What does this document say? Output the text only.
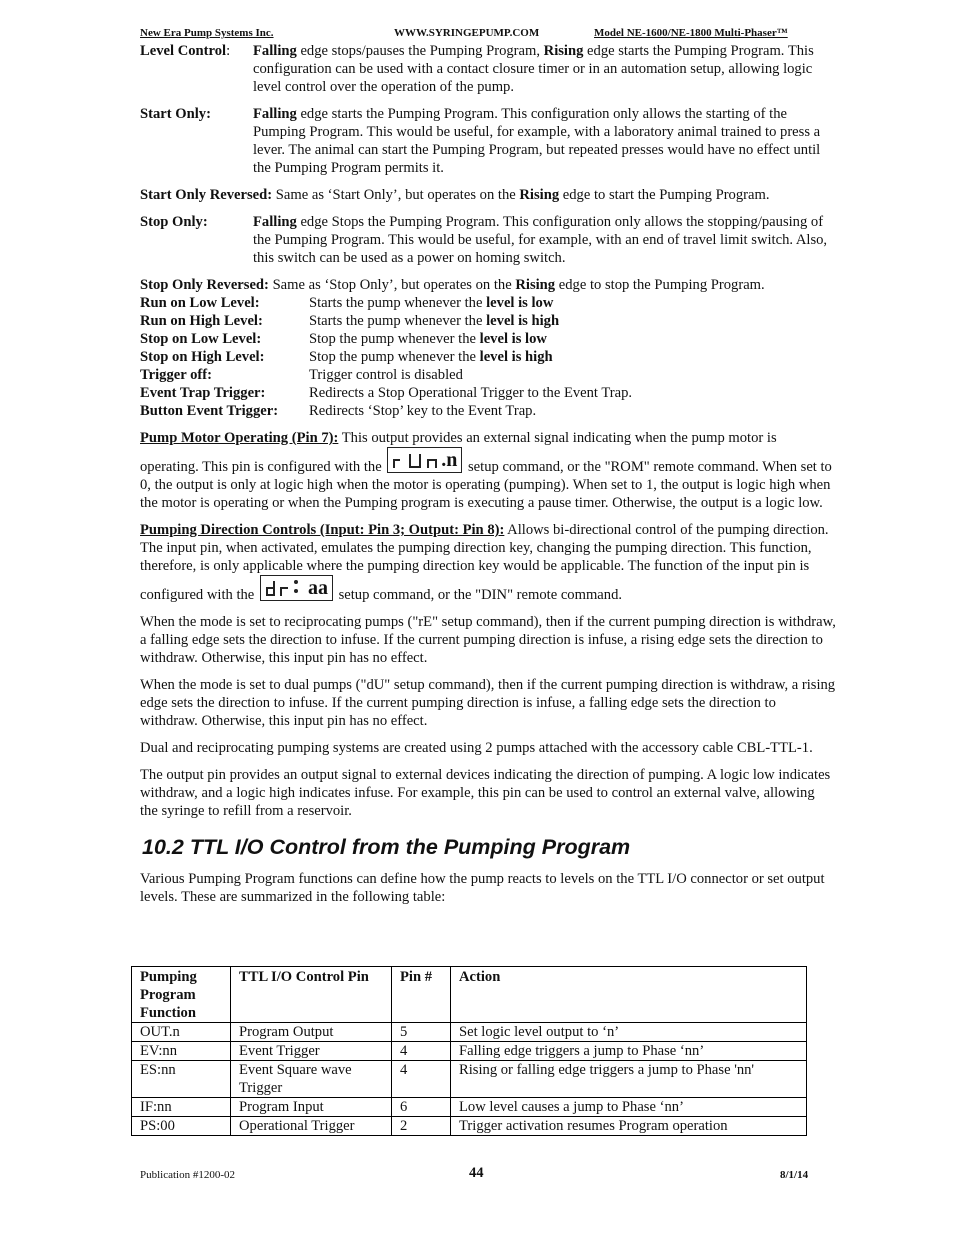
New Era Pump Systems Inc.	WWW.SYRINGEPUMP.COM	Model NE-1600/NE-1800 Multi-Phaser™
Level Control:	Falling edge stops/pauses the Pumping Program, Rising edge starts the Pumping Program. This configuration can be used with a contact closure timer or in an automation setup, allowing logic level control over the operation of the pump.
Start Only:	Falling edge starts the Pumping Program. This configuration only allows the starting of the Pumping Program. This would be useful, for example, with a laboratory animal trained to press a lever. The animal can start the Pumping Program, but repeated presses would have no effect until the Pumping Program permits it.
Start Only Reversed: Same as ‘Start Only’, but operates on the Rising edge to start the Pumping Program.
Stop Only:	Falling edge Stops the Pumping Program. This configuration only allows the stopping/pausing of the Pumping Program. This would be useful, for example, with an end of travel limit switch. Also, this switch can be used as a power on homing switch.
Stop Only Reversed: Same as ‘Stop Only’, but operates on the Rising edge to stop the Pumping Program.
Run on Low Level:	Starts the pump whenever the level is low
Run on High Level:	Starts the pump whenever the level is high
Stop on Low Level:	Stop the pump whenever the level is low
Stop on High Level:	Stop the pump whenever the level is high
Trigger off:	Trigger control is disabled
Event Trap Trigger:	Redirects a Stop Operational Trigger to the Event Trap.
Button Event Trigger:	Redirects ‘Stop’ key to the Event Trap.
Pump Motor Operating (Pin 7): This output provides an external signal indicating when the pump motor is operating. This pin is configured with the	.n setup command, or the "ROM" remote command. When set to 0, the output is only at logic high when the motor is operating (pumping). When set to 1, the output is logic high when the motor is operating or when the Pumping program is executing a pause timer. Otherwise, the output is a logic low.
Pumping Direction Controls (Input: Pin 3; Output: Pin 8): Allows bi-directional control of the pumping direction. The input pin, when activated, emulates the pumping direction key, changing the pumping direction. This function, therefore, is only applicable where the pumping direction key would be applicable. The function of the input pin is configured with the	aa setup command, or the "DIN" remote command.
When the mode is set to reciprocating pumps ("rE" setup command), then if the current pumping direction is withdraw, a falling edge sets the direction to infuse. If the current pumping direction is infuse, a rising edge sets the direction to withdraw. Otherwise, this input pin has no effect.
When the mode is set to dual pumps ("dU" setup command), then if the current pumping direction is withdraw, a rising edge sets the direction to infuse. If the current pumping direction is infuse, a falling edge sets the direction to withdraw. Otherwise, this input pin has no effect.
Dual and reciprocating pumping systems are created using 2 pumps attached with the accessory cable CBL-TTL-1.
The output pin provides an output signal to external devices indicating the direction of pumping. A logic low indicates withdraw, and a logic high indicates infuse. For example, this pin can be used to control an external valve, allowing the syringe to refill from a reservoir.
10.2 TTL I/O Control from the Pumping Program
Various Pumping Program functions can define how the pump reacts to levels on the TTL I/O connector or set output levels. These are summarized in the following table:
Pumping Program Function	TTL I/O Control Pin	Pin #	Action
OUT.n	Program Output	5	Set logic level output to ‘n’
EV:nn	Event Trigger	4	Falling edge triggers a jump to Phase ‘nn’
ES:nn	Event Square wave Trigger	4	Rising or falling edge triggers a jump to Phase 'nn'
IF:nn	Program Input	6	Low level causes a jump to Phase ‘nn’
PS:00	Operational Trigger	2	Trigger activation resumes Program operation
Publication #1200-02	44	8/1/14
